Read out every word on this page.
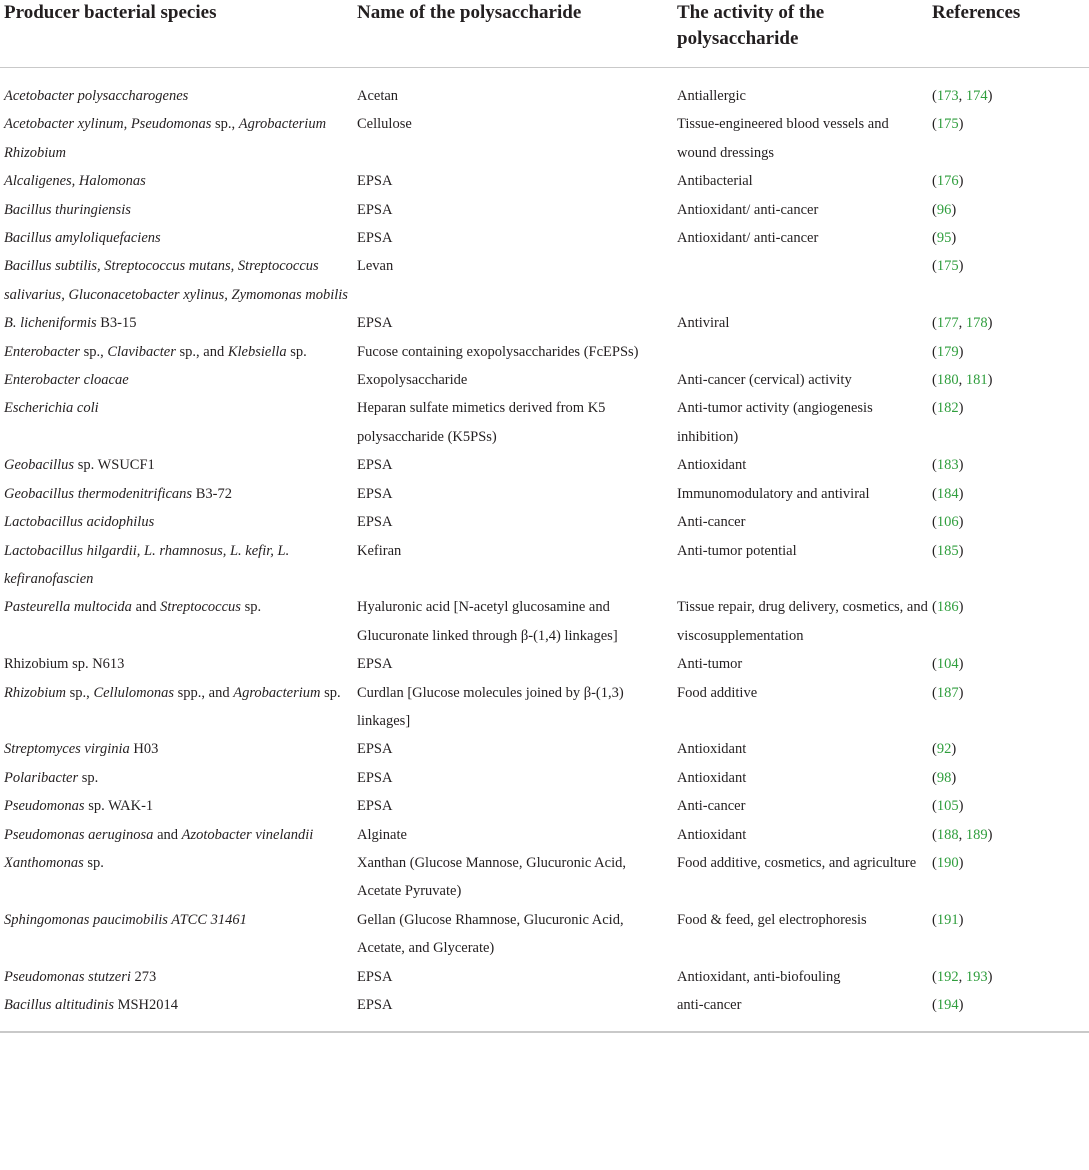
Producer bacterial species	Name of the polysaccharide	The activity of the polysaccharide	References

Acetobacter polysaccharogenes	Acetan	Antiallergic	(173, 174)
Acetobacter xylinum, Pseudomonas sp., Agrobacterium Rhizobium	Cellulose	Tissue-engineered blood vessels and wound dressings	(175)
Alcaligenes, Halomonas	EPSA	Antibacterial	(176)
Bacillus thuringiensis	EPSA	Antioxidant/ anti-cancer	(96)
Bacillus amyloliquefaciens	EPSA	Antioxidant/ anti-cancer	(95)
Bacillus subtilis, Streptococcus mutans, Streptococcus salivarius, Gluconacetobacter xylinus, Zymomonas mobilis	Levan		(175)
B. licheniformis B3-15	EPSA	Antiviral	(177, 178)
Enterobacter sp., Clavibacter sp., and Klebsiella sp.	Fucose containing exopolysaccharides (FcEPSs)		(179)
Enterobacter cloacae	Exopolysaccharide	Anti-cancer (cervical) activity	(180, 181)
Escherichia coli	Heparan sulfate mimetics derived from K5 polysaccharide (K5PSs)	Anti-tumor activity (angiogenesis inhibition)	(182)
Geobacillus sp. WSUCF1	EPSA	Antioxidant	(183)
Geobacillus thermodenitrificans B3-72	EPSA	Immunomodulatory and antiviral	(184)
Lactobacillus acidophilus	EPSA	Anti-cancer	(106)
Lactobacillus hilgardii, L. rhamnosus, L. kefir, L. kefiranofascien	Kefiran	Anti-tumor potential	(185)
Pasteurella multocida and Streptococcus sp.	Hyaluronic acid [N-acetyl glucosamine and Glucuronate linked through β-(1,4) linkages]	Tissue repair, drug delivery, cosmetics, and viscosupplementation	(186)
Rhizobium sp. N613	EPSA	Anti-tumor	(104)
Rhizobium sp., Cellulomonas spp., and Agrobacterium sp.	Curdlan [Glucose molecules joined by β-(1,3) linkages]	Food additive	(187)
Streptomyces virginia H03	EPSA	Antioxidant	(92)
Polaribacter sp.	EPSA	Antioxidant	(98)
Pseudomonas sp. WAK-1	EPSA	Anti-cancer	(105)
Pseudomonas aeruginosa and Azotobacter vinelandii	Alginate	Antioxidant	(188, 189)
Xanthomonas sp.	Xanthan (Glucose Mannose, Glucuronic Acid, Acetate Pyruvate)	Food additive, cosmetics, and agriculture	(190)
Sphingomonas paucimobilis ATCC 31461	Gellan (Glucose Rhamnose, Glucuronic Acid, Acetate, and Glycerate)	Food & feed, gel electrophoresis	(191)
Pseudomonas stutzeri 273	EPSA	Antioxidant, anti-biofouling	(192, 193)
Bacillus altitudinis MSH2014	EPSA	anti-cancer	(194)
